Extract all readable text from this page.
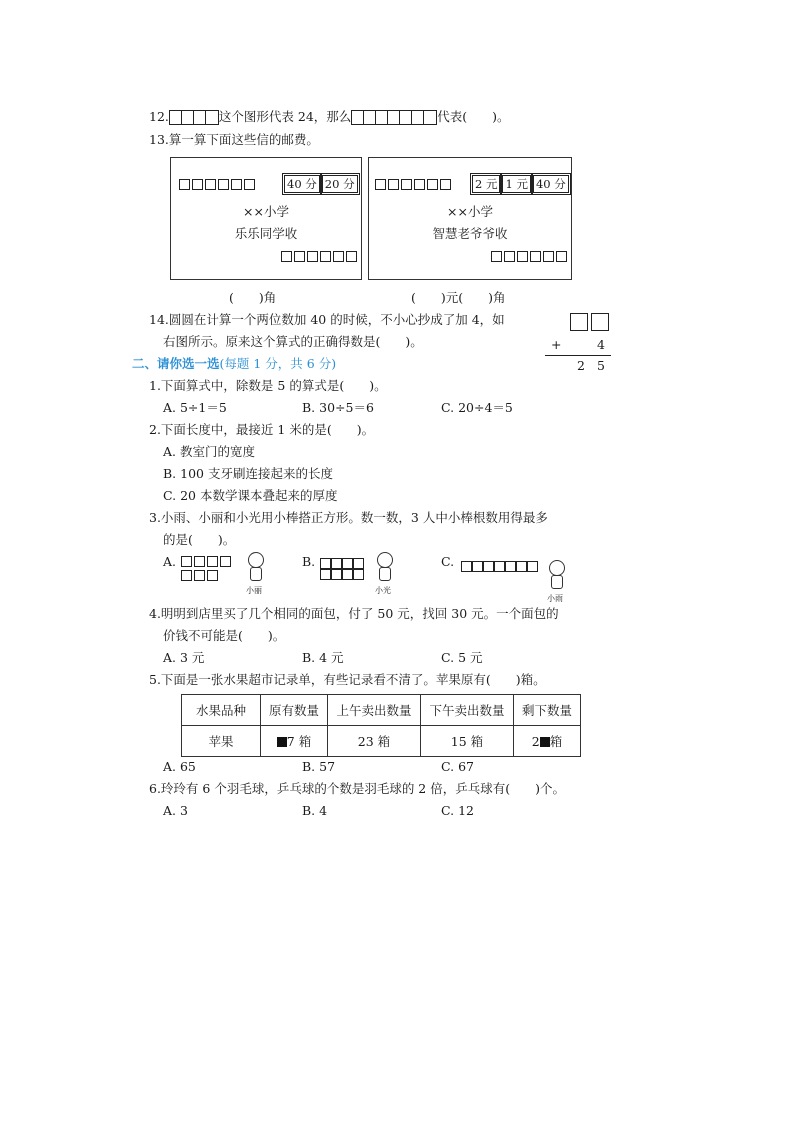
12.	这个图形代表 24，那么	代表(　　)。
13.算一算下面这些信的邮费。
40 分 20 分
××小学
乐乐同学收
2 元 1 元 40 分
××小学
智慧老爷爷收
(　　)角	(　　)元(　　)角
14.圆圆在计算一个两位数加 40 的时候，不小心抄成了加 4，如
右图所示。原来这个算式的正确得数是(　　)。	+	4
2 5
二、请你选一选(每题 1 分，共 6 分)
1.下面算式中，除数是 5 的算式是(　　)。
A. 5÷1＝5	B. 30÷5＝6	C. 20÷4＝5
2.下面长度中，最接近 1 米的是(　　)。
A. 教室门的宽度
B. 100 支牙刷连接起来的长度
C. 20 本数学课本叠起来的厚度
3.小雨、小丽和小光用小棒搭正方形。数一数，3 人中小棒根数用得最多
的是(　　)。
A.
小丽
B.
小光
C.
小雨
4.明明到店里买了几个相同的面包，付了 50 元，找回 30 元。一个面包的
价钱不可能是(　　)。
A. 3 元	B. 4 元	C. 5 元
5.下面是一张水果超市记录单，有些记录看不清了。苹果原有(　　)箱。
水果品种	原有数量	上午卖出数量	下午卖出数量	剩下数量
苹果	7 箱	23 箱	15 箱	2 箱
A. 65	B. 57	C. 67
6.玲玲有 6 个羽毛球，乒乓球的个数是羽毛球的 2 倍，乒乓球有(　　)个。
A. 3	B. 4	C. 12
